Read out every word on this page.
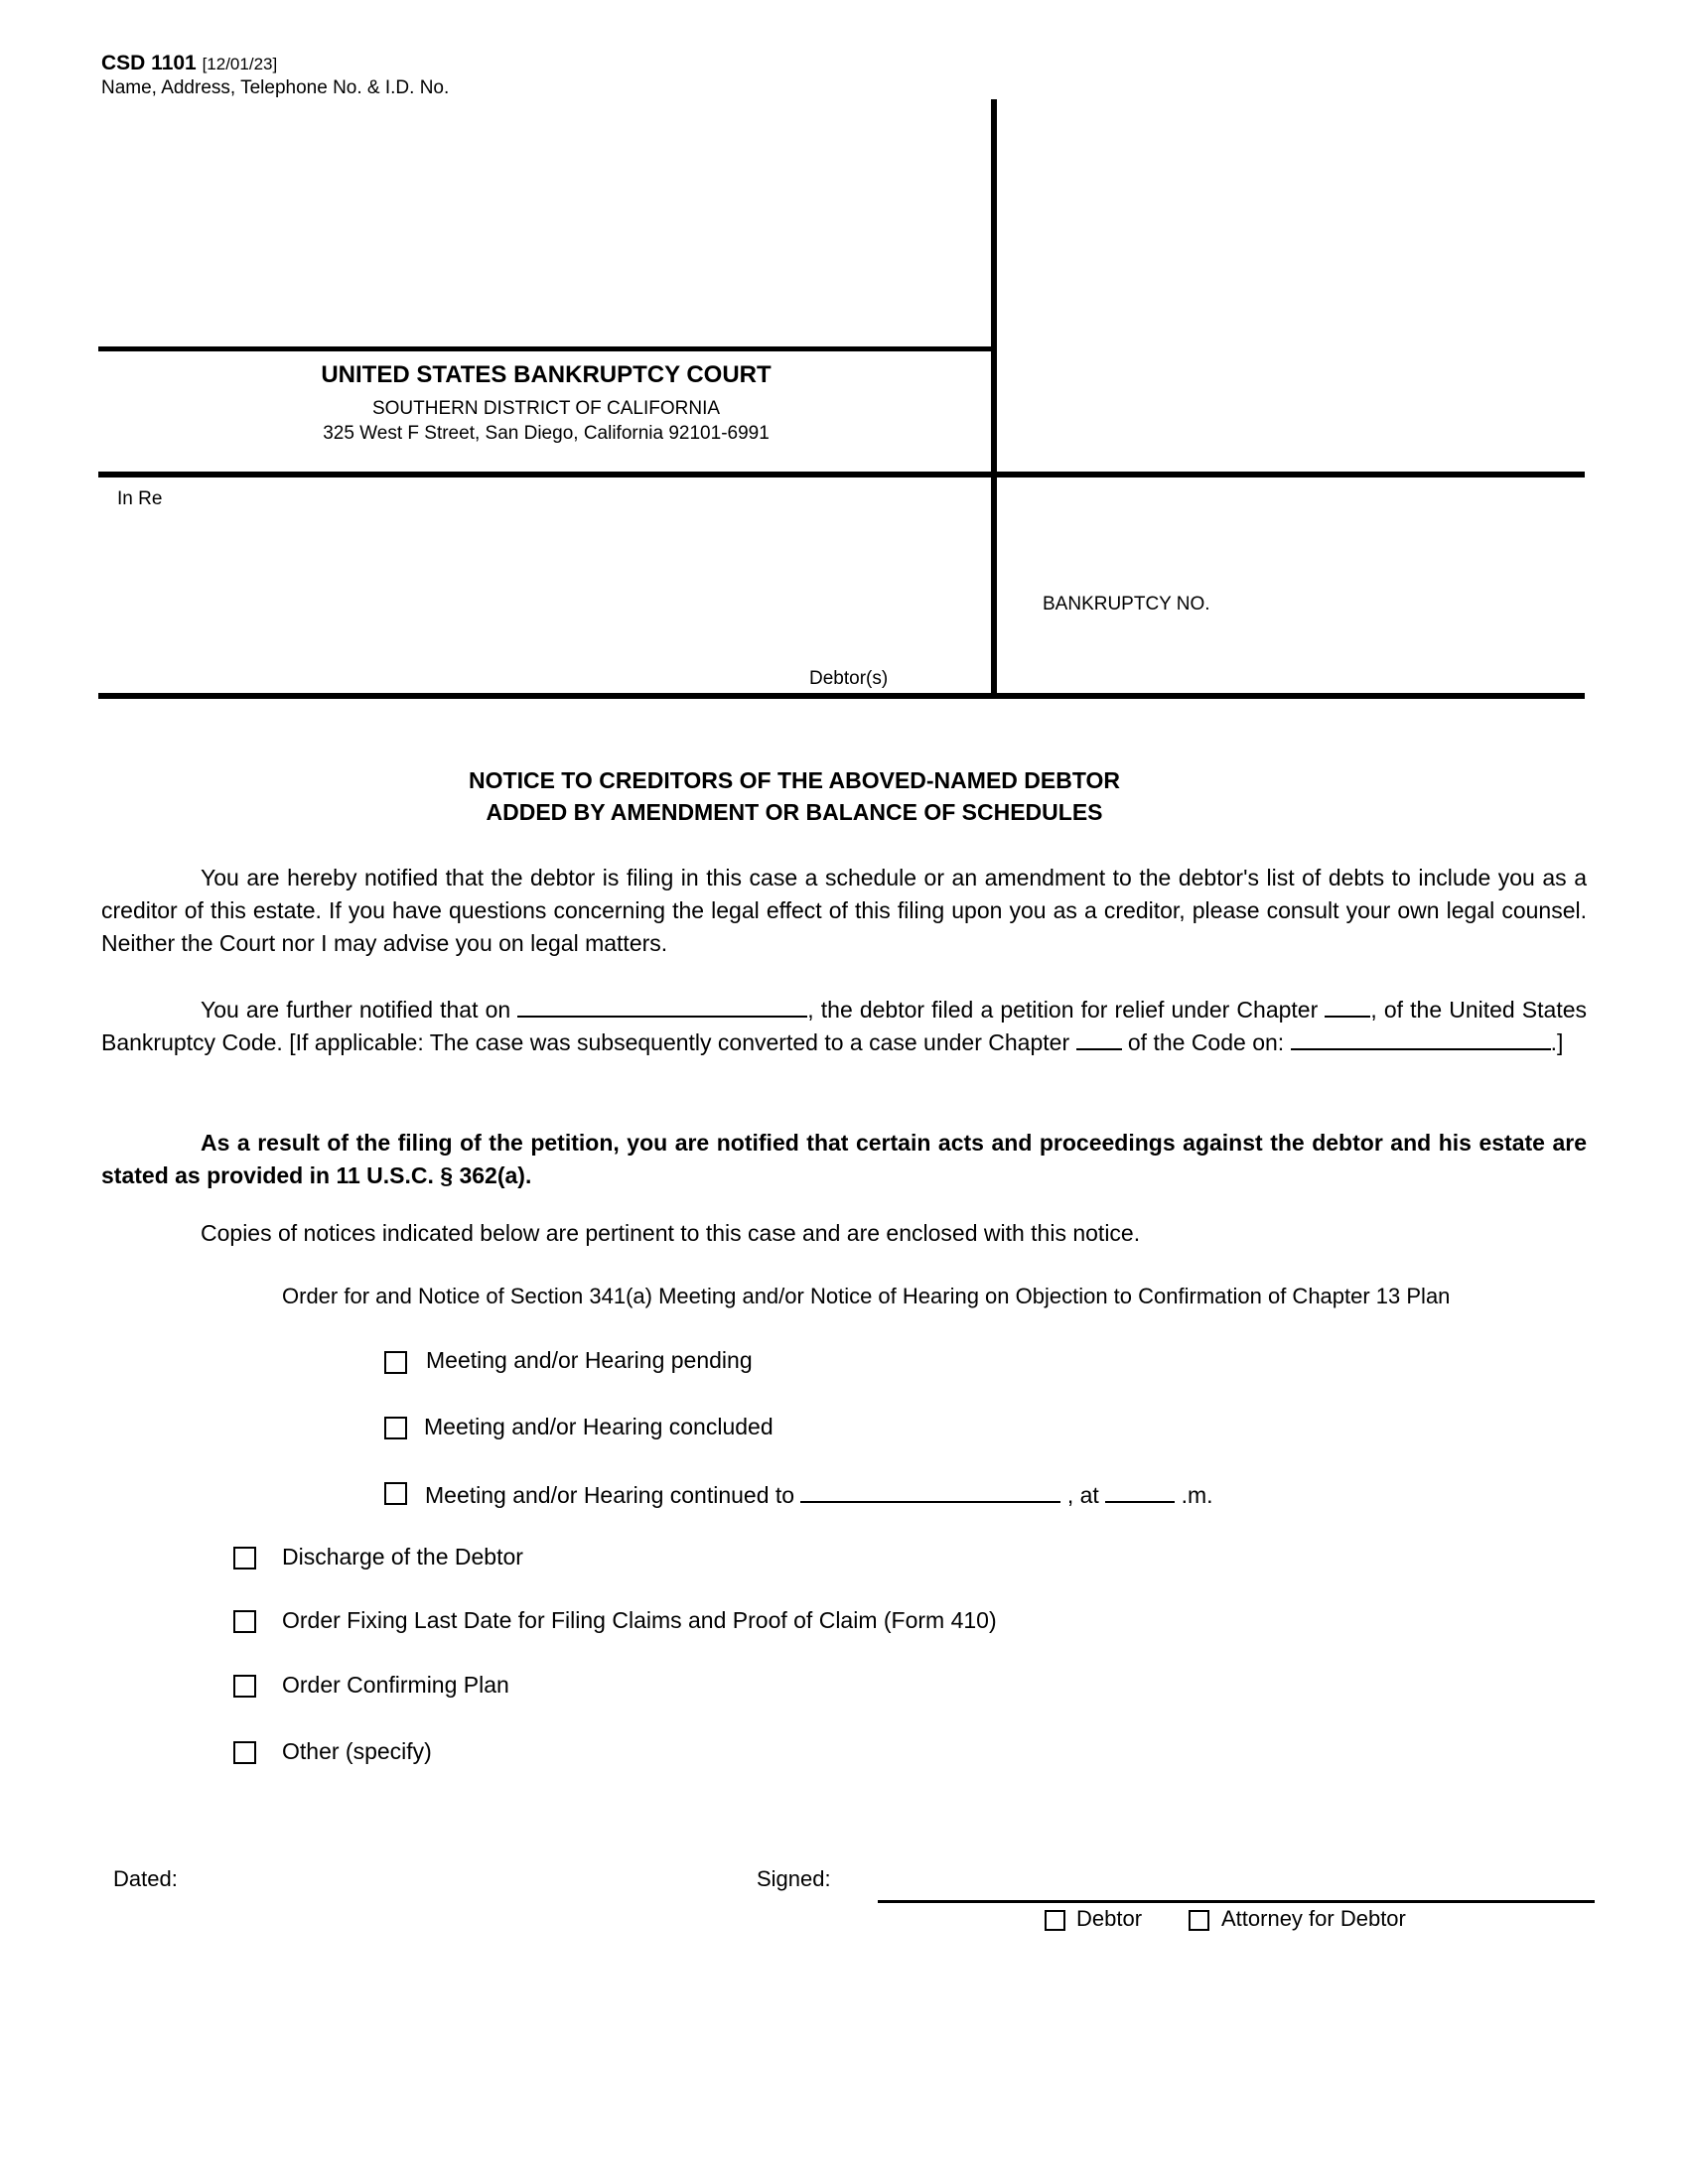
CSD 1101 [12/01/23]
Name, Address, Telephone No. & I.D. No.
UNITED STATES BANKRUPTCY COURT
SOUTHERN DISTRICT OF CALIFORNIA
325 West F Street, San Diego, California 92101-6991
In Re
Debtor(s)
BANKRUPTCY NO.
NOTICE TO CREDITORS OF THE ABOVED-NAMED DEBTOR
ADDED BY AMENDMENT OR BALANCE OF SCHEDULES
You are hereby notified that the debtor is filing in this case a schedule or an amendment to the debtor's list of debts to include you as a creditor of this estate. If you have questions concerning the legal effect of this filing upon you as a creditor, please consult your own legal counsel. Neither the Court nor I may advise you on legal matters.
You are further notified that on	, the debtor filed a petition for relief under Chapter , of the United States Bankruptcy Code. [If applicable: The case was subsequently converted to a case under Chapter	of the Code on:	.]
As a result of the filing of the petition, you are notified that certain acts and proceedings against the debtor and his estate are stated as provided in 11 U.S.C. § 362(a).
Copies of notices indicated below are pertinent to this case and are enclosed with this notice.
Order for and Notice of Section 341(a) Meeting and/or Notice of Hearing on Objection to Confirmation of Chapter 13 Plan
Meeting and/or Hearing pending
Meeting and/or Hearing concluded
Meeting and/or Hearing continued to	, at	.m.
Discharge of the Debtor
Order Fixing Last Date for Filing Claims and Proof of Claim (Form 410)
Order Confirming Plan
Other (specify)
Dated:	Signed:
Debtor	Attorney for Debtor
